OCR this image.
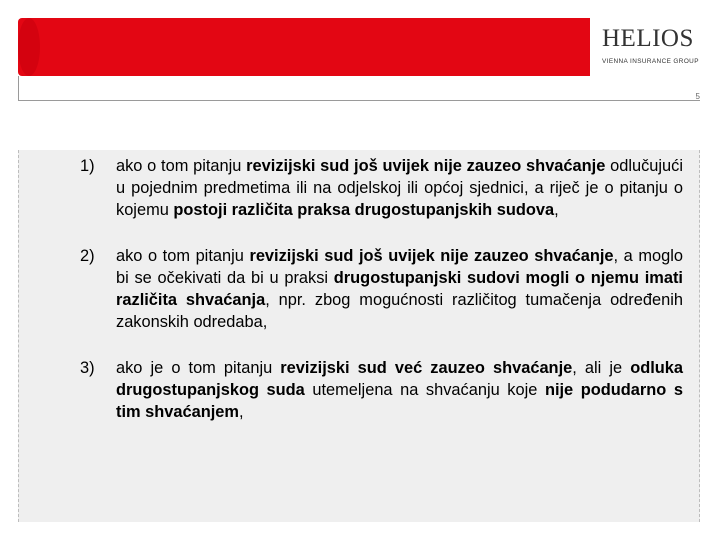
HELIOS
VIENNA INSURANCE GROUP
5
1)	ako o tom pitanju revizijski sud još uvijek nije zauzeo shvaćanje odlučujući u pojednim predmetima ili na odjelskoj ili općoj sjednici, a riječ je o pitanju o kojemu postoji različita praksa drugostupanjskih sudova,
2)	ako o tom pitanju revizijski sud još uvijek nije zauzeo shvaćanje, a moglo bi se očekivati da bi u praksi drugostupanjski sudovi mogli o njemu imati različita shvaćanja, npr. zbog mogućnosti različitog tumačenja određenih zakonskih odredaba,
3)	ako je o tom pitanju revizijski sud već zauzeo shvaćanje, ali je odluka drugostupanjskog suda utemeljena na shvaćanju koje nije podudarno s tim shvaćanjem,
